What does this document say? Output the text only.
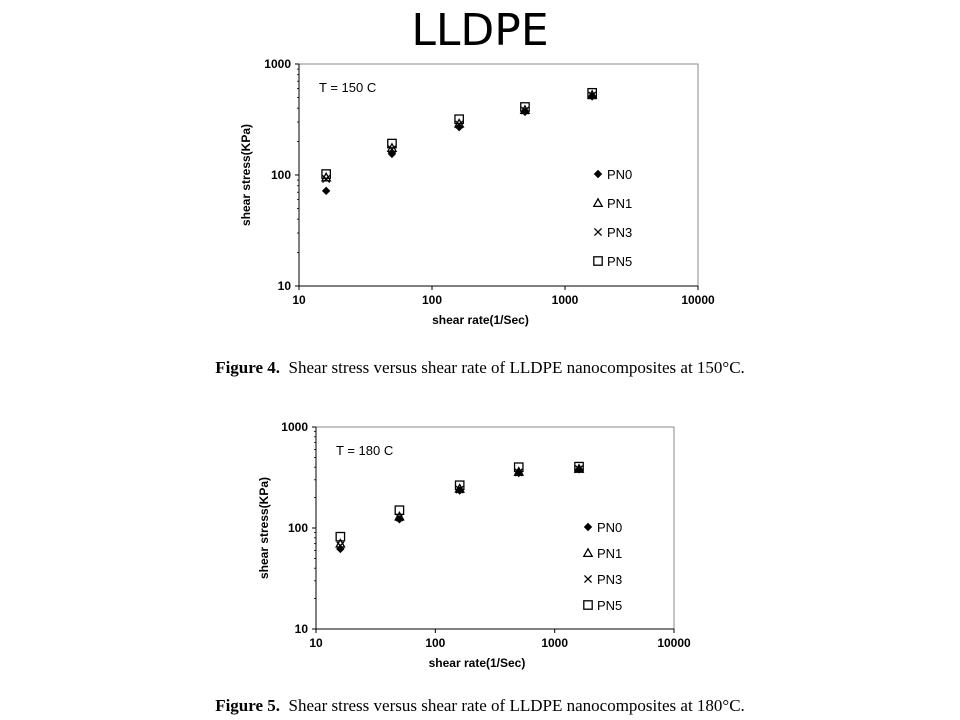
LLDPE
10
100
1000
10	100	1000	10000
shear rate(1/Sec)
shear stress(KPa)
T = 150 C
PN0
PN1
PN3
PN5
Figure 4. Shear stress versus shear rate of LLDPE nanocomposites at 150°C.
10
100
1000
10	100	1000	10000
shear rate(1/Sec)
shear stress(KPa)
T = 180 C
PN0
PN1
PN3
PN5
Figure 5. Shear stress versus shear rate of LLDPE nanocomposites at 180°C.
